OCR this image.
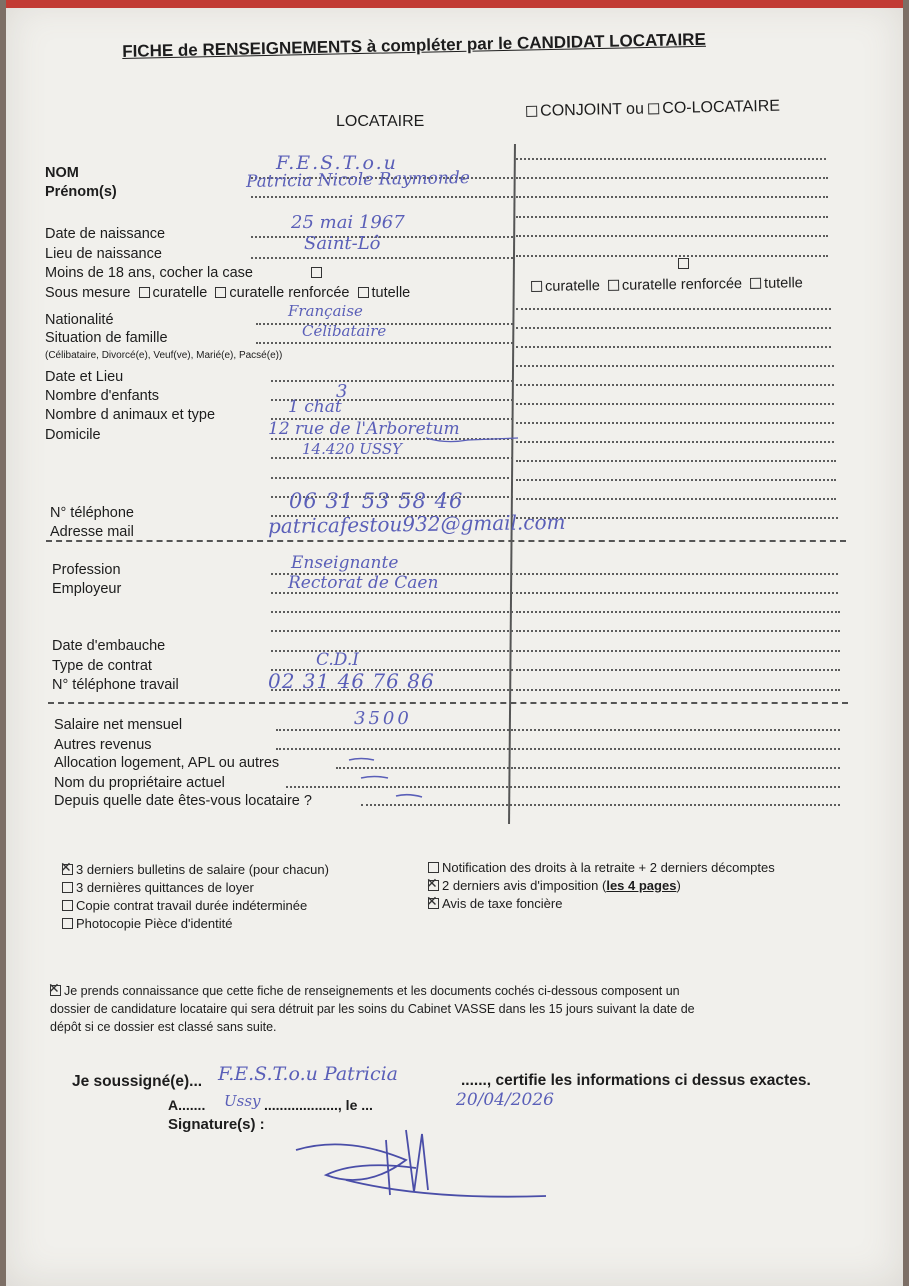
FICHE de RENSEIGNEMENTS à compléter par le CANDIDAT LOCATAIRE
LOCATAIRE
CONJOINT ou CO-LOCATAIRE
NOM
Prénom(s)
Date de naissance
Lieu de naissance
Moins de 18 ans, cocher la case
Sous mesure curatelle curatelle renforcée tutelle
Nationalité
Situation de famille
(Célibataire, Divorcé(e), Veuf(ve), Marié(e), Pacsé(e))
Date et Lieu
Nombre d'enfants
Nombre d animaux et type
Domicile
N° téléphone
Adresse mail
Profession
Employeur
Date d'embauche
Type de contrat
N° téléphone travail
Salaire net mensuel
Autres revenus
Allocation logement, APL ou autres
Nom du propriétaire actuel
Depuis quelle date êtes-vous locataire ?
curatelle curatelle renforcée tutelle
F.E.S.T.o.u
Patricia Nicole Raymonde
25 mai 1967
Saint-Lô
Française
Célibataire
3
1 chat
12 rue de l'Arboretum
14.420 USSY
06 31 53 58 46
patricafestou932@gmail.com
Enseignante
Rectorat de Caen
C.D.I
02 31 46 76 86
3500
✕3 derniers bulletins de salaire (pour chacun)
3 dernières quittances de loyer
Copie contrat travail durée indéterminée
Photocopie Pièce d'identité
Notification des droits à la retraite + 2 derniers décomptes
✕2 derniers avis d'imposition (les 4 pages)
✕Avis de taxe foncière
✕Je prends connaissance que cette fiche de renseignements et les documents cochés ci-dessous composent un
dossier de candidature locataire qui sera détruit par les soins du Cabinet VASSE dans les 15 jours suivant la date de
dépôt si ce dossier est classé sans suite.
Je soussigné(e)... F.E.S.T.o.u Patricia	......, certifie les informations ci dessus exactes.
A....... Ussy ..................., le ...	20/04/2026
Signature(s) :
